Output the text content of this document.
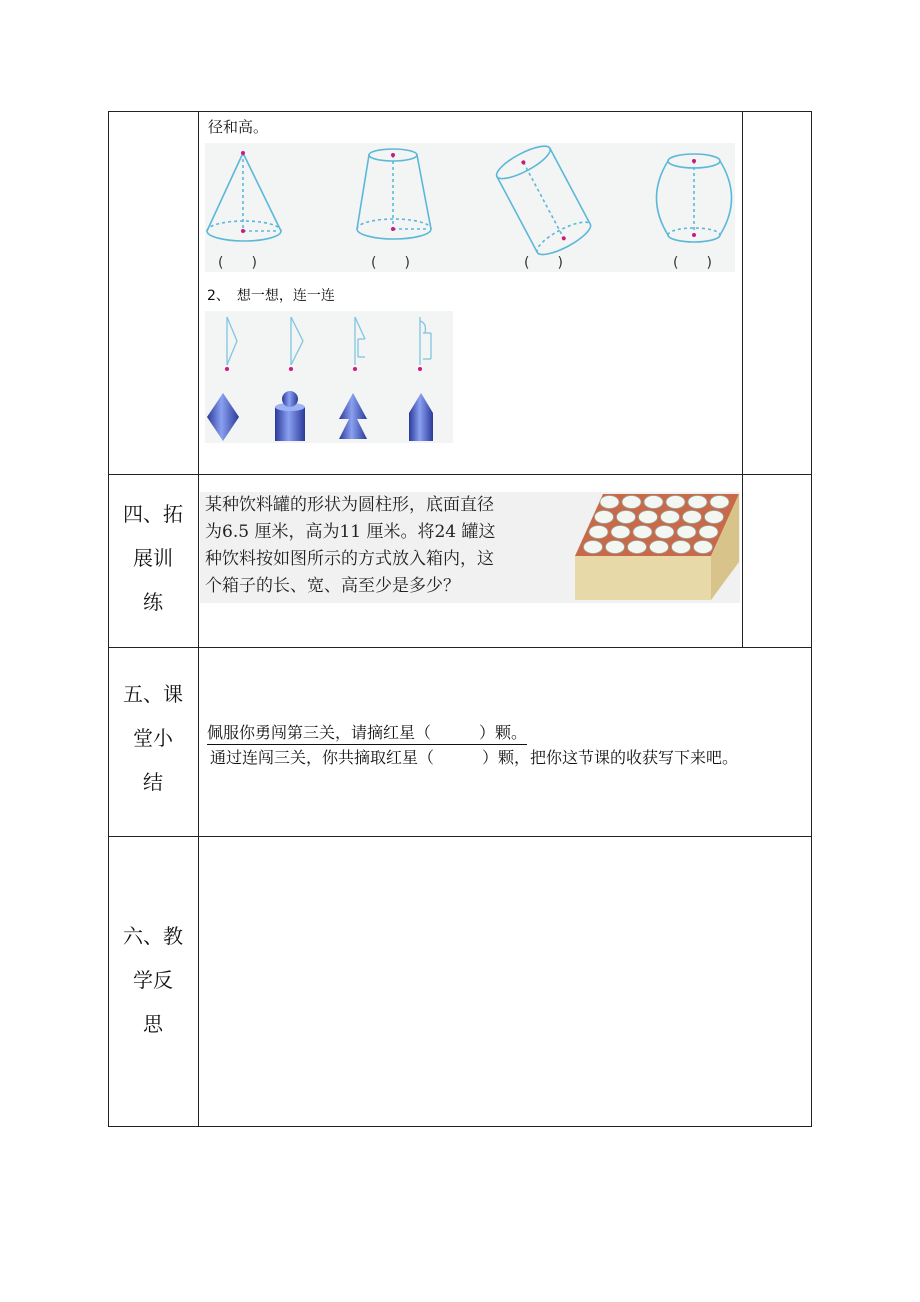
径和高。
(　　)	(　　)	(　　)	(　　)
2、　想一想，连一连
四、拓
展训
练
某种饮料罐的形状为圆柱形，底面直径
为6.5 厘米，高为11 厘米。将24 罐这
种饮料按如图所示的方式放入箱内，这
个箱子的长、宽、高至少是多少？
五、课
堂小
结
佩服你勇闯第三关，请摘红星（　　　）颗。
通过连闯三关，你共摘取红星（　　　）颗，把你这节课的收获写下来吧。
六、教
学反
思
